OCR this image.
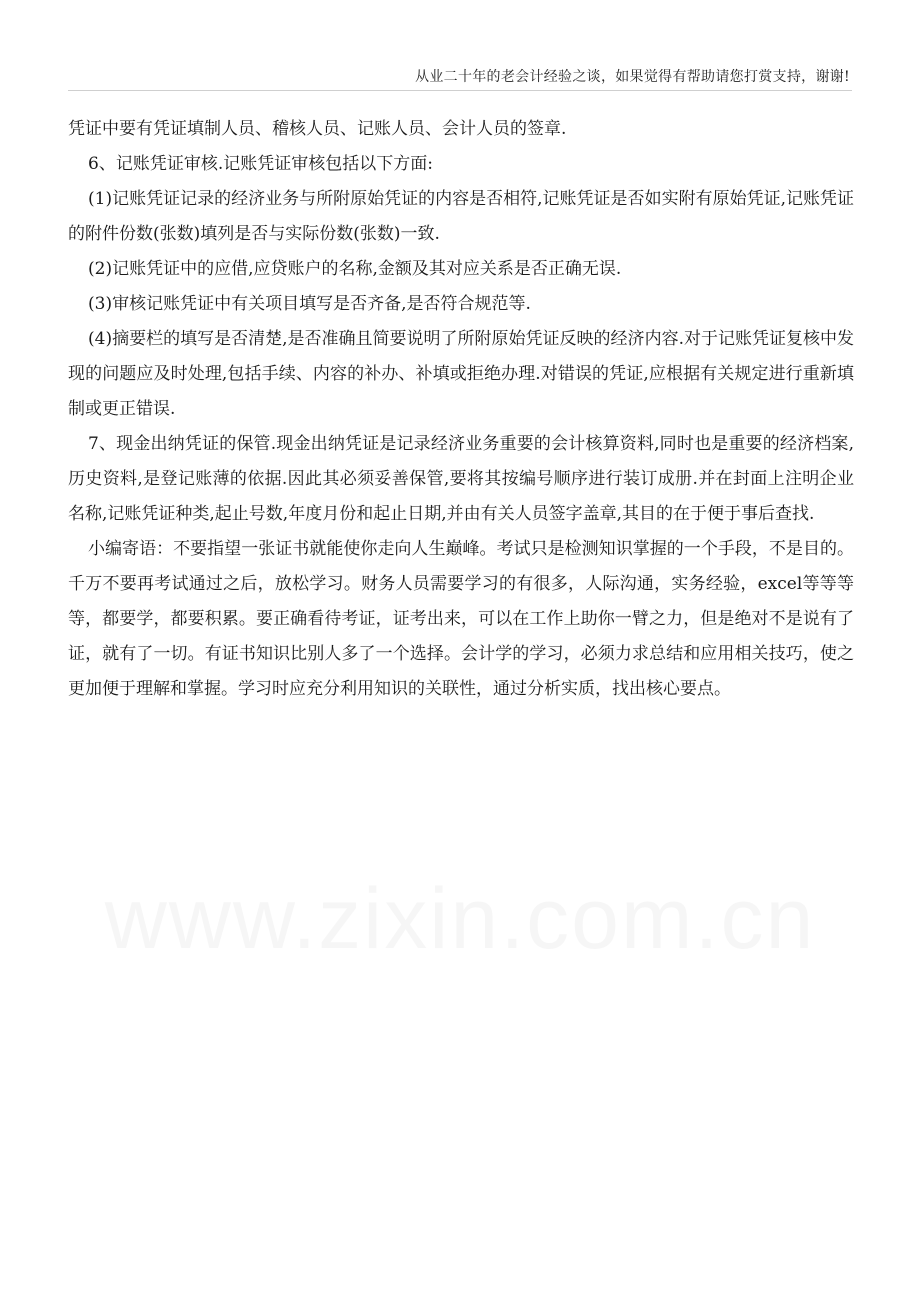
从业二十年的老会计经验之谈，如果觉得有帮助请您打赏支持，谢谢!

凭证中要有凭证填制人员、稽核人员、记账人员、会计人员的签章.

6、记账凭证审核.记账凭证审核包括以下方面:

(1)记账凭证记录的经济业务与所附原始凭证的内容是否相符,记账凭证是否如实附有原始凭证,记账凭证的附件份数(张数)填列是否与实际份数(张数)一致.

(2)记账凭证中的应借,应贷账户的名称,金额及其对应关系是否正确无误.

(3)审核记账凭证中有关项目填写是否齐备,是否符合规范等.

(4)摘要栏的填写是否清楚,是否准确且简要说明了所附原始凭证反映的经济内容.对于记账凭证复核中发现的问题应及时处理,包括手续、内容的补办、补填或拒绝办理.对错误的凭证,应根据有关规定进行重新填制或更正错误.

7、现金出纳凭证的保管.现金出纳凭证是记录经济业务重要的会计核算资料,同时也是重要的经济档案,历史资料,是登记账薄的依据.因此其必须妥善保管,要将其按编号顺序进行装订成册.并在封面上注明企业名称,记账凭证种类,起止号数,年度月份和起止日期,并由有关人员签字盖章,其目的在于便于事后查找.

小编寄语：不要指望一张证书就能使你走向人生巅峰。考试只是检测知识掌握的一个手段，不是目的。千万不要再考试通过之后，放松学习。财务人员需要学习的有很多，人际沟通，实务经验，excel等等等等，都要学，都要积累。要正确看待考证，证考出来，可以在工作上助你一臂之力，但是绝对不是说有了证，就有了一切。有证书知识比别人多了一个选择。会计学的学习，必须力求总结和应用相关技巧，使之更加便于理解和掌握。学习时应充分利用知识的关联性，通过分析实质，找出核心要点。
